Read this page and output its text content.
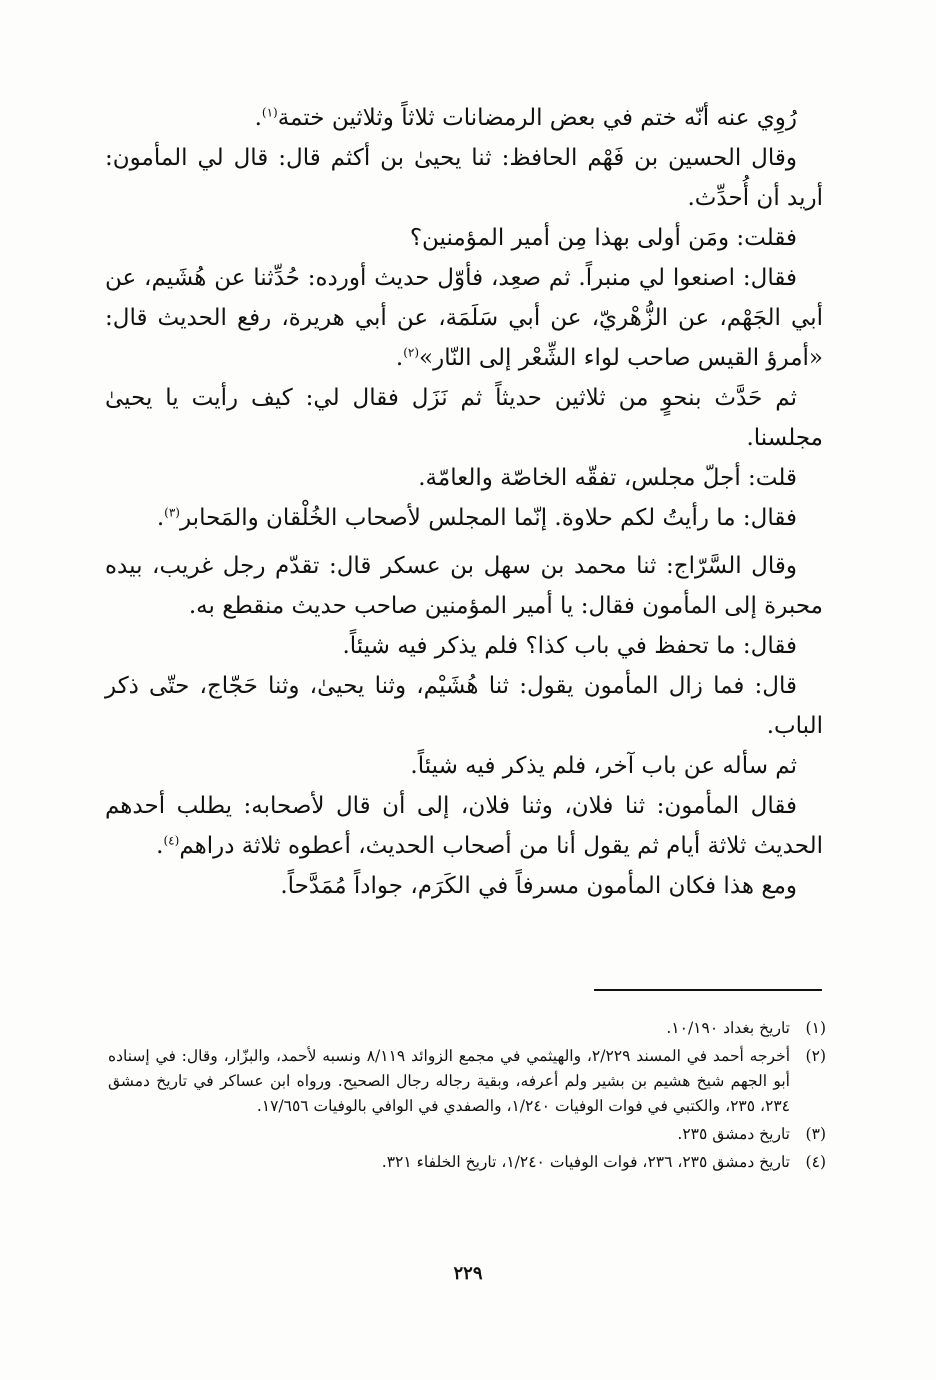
رُوِي عنه أنّه ختم في بعض الرمضانات ثلاثاً وثلاثين ختمة$^{(١)}$.

وقال الحسين بن فَهْم الحافظ: ثنا يحيىٰ بن أكثم قال: قال لي المأمون: أريد أن أُحدِّث.

فقلت: ومَن أولى بهذا مِن أمير المؤمنين؟

فقال: اصنعوا لي منبراً. ثم صعِد، فأوّل حديث أورده: حُدِّثنا عن هُشَيم، عن أبي الجَهْم، عن الزُّهْريّ، عن أبي سَلَمَة، عن أبي هريرة، رفع الحديث قال: «أمرؤ القيس صاحب لواء الشِّعْر إلى النّار»$^{(٢)}$.

ثم حَدَّث بنحوٍ من ثلاثين حديثاً ثم نَزَل فقال لي: كيف رأيت يا يحيىٰ مجلسنا.

قلت: أجلّ مجلس، تفقّه الخاصّة والعامّة.

فقال: ما رأيتُ لكم حلاوة. إنّما المجلس لأصحاب الخُلْقان والمَحابر$^{(٣)}$.

وقال السَّرّاج: ثنا محمد بن سهل بن عسكر قال: تقدّم رجل غريب، بيده محبرة إلى المأمون فقال: يا أمير المؤمنين صاحب حديث منقطع به.

فقال: ما تحفظ في باب كذا؟ فلم يذكر فيه شيئاً.

قال: فما زال المأمون يقول: ثنا هُشَيْم، وثنا يحيىٰ، وثنا حَجّاج، حتّى ذكر الباب.

ثم سأله عن باب آخر، فلم يذكر فيه شيئاً.

فقال المأمون: ثنا فلان، وثنا فلان، إلى أن قال لأصحابه: يطلب أحدهم الحديث ثلاثة أيام ثم يقول أنا من أصحاب الحديث، أعطوه ثلاثة دراهم$^{(٤)}$.

ومع هذا فكان المأمون مسرفاً في الكَرَم، جواداً مُمَدَّحاً.

(١)
تاريخ بغداد ١٠/١٩٠.
(٢)
أخرجه أحمد في المسند ٢/٢٢٩، والهيثمي في مجمع الزوائد ٨/١١٩ ونسبه لأحمد، والبزّار، وقال: في إسناده أبو الجهم شيخ هشيم بن بشير ولم أعرفه، وبقية رجاله رجال الصحيح. ورواه ابن عساكر في تاريخ دمشق ٢٣٤، ٢٣٥، والكتبي في فوات الوفيات ١/٢٤٠، والصفدي في الوافي بالوفيات ١٧/٦٥٦.
(٣)
تاريخ دمشق ٢٣٥.
(٤)
تاريخ دمشق ٢٣٥، ٢٣٦، فوات الوفيات ١/٢٤٠، تاريخ الخلفاء ٣٢١.
٢٢٩
